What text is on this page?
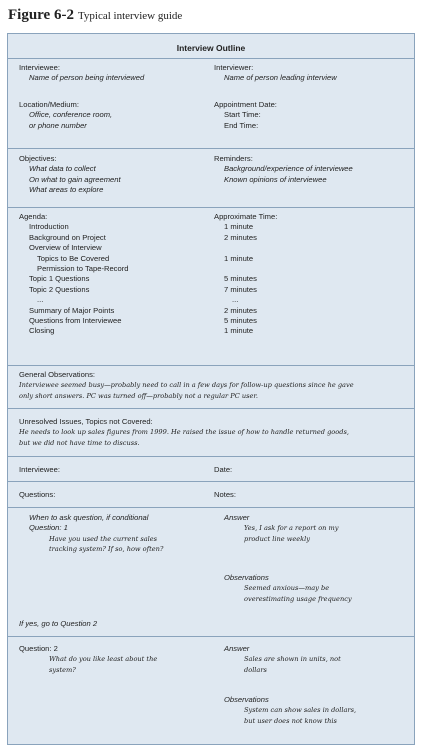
Figure 6-2 Typical interview guide
Interview Outline
Interviewee:
Name of person being interviewed
Interviewer:
Name of person leading interview
Location/Medium:
Office, conference room,
or phone number
Appointment Date:
Start Time:
End Time:
Objectives:
What data to collect
On what to gain agreement
What areas to explore
Reminders:
Background/experience of interviewee
Known opinions of interviewee
Agenda:
Introduction
Background on Project
Overview of Interview
Topics to Be Covered
Permission to Tape-Record
Topic 1 Questions
Topic 2 Questions
...
Summary of Major Points
Questions from Interviewee
Closing
Approximate Time:
1 minute
2 minutes

1 minute

5 minutes
7 minutes
...
2 minutes
5 minutes
1 minute
General Observations:
Interviewee seemed busy—probably need to call in a few days for follow-up questions since he gave
only short answers. PC was turned off—probably not a regular PC user.
Unresolved Issues, Topics not Covered:
He needs to look up sales figures from 1999. He raised the issue of how to handle returned goods,
but we did not have time to discuss.
Interviewee:	Date:
Questions:	Notes:
When to ask question, if conditional
Question: 1
Have you used the current sales
tracking system? If so, how often?
Answer
Yes, I ask for a report on my
product line weekly
Observations
Seemed anxious—may be
overestimating usage frequency
If yes, go to Question 2
Question: 2
What do you like least about the
system?
Answer
Sales are shown in units, not
dollars
Observations
System can show sales in dollars,
but user does not know this
